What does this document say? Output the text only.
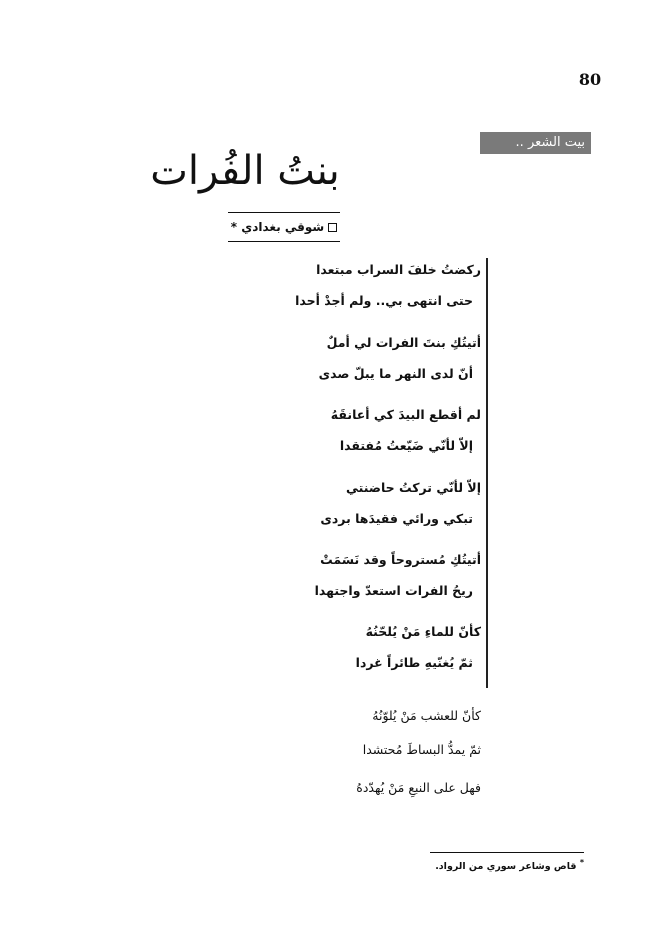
80
بيت الشعر ..
بنتُ الفُرات
شوقي بغدادي *
ركضتُ خلفَ السراب مبتعدا
حتى انتهى بي.. ولم أجدْ أحدا
أتيتُكِ بنتَ الفرات لي أملٌ
أنّ لدى النهر ما يبلّ صدى
لم أقطع البيدَ كي أعانقَهُ
إلاّ لأنّي ضَيّعتُ مُفتقدا
إلاّ لأنّي تركتُ حاضنتي
تبكي ورائي فقيدَها بردى
أتيتُكِ مُستروحاً وقد نَسَمَتْ
ريحُ الفرات استعدّ واجتهدا
كأنّ للماءِ مَنْ يُلحّنُهُ
ثمّ يُغنّيهِ طائراً غردا
كأنّ للعشب مَنْ يُلوّنُهُ
ثمّ يمدُّ البساطَ مُحتشدا
فهل على النبعِ مَنْ يُهدّدهُ
* قاص وشاعر سوري من الرواد.
